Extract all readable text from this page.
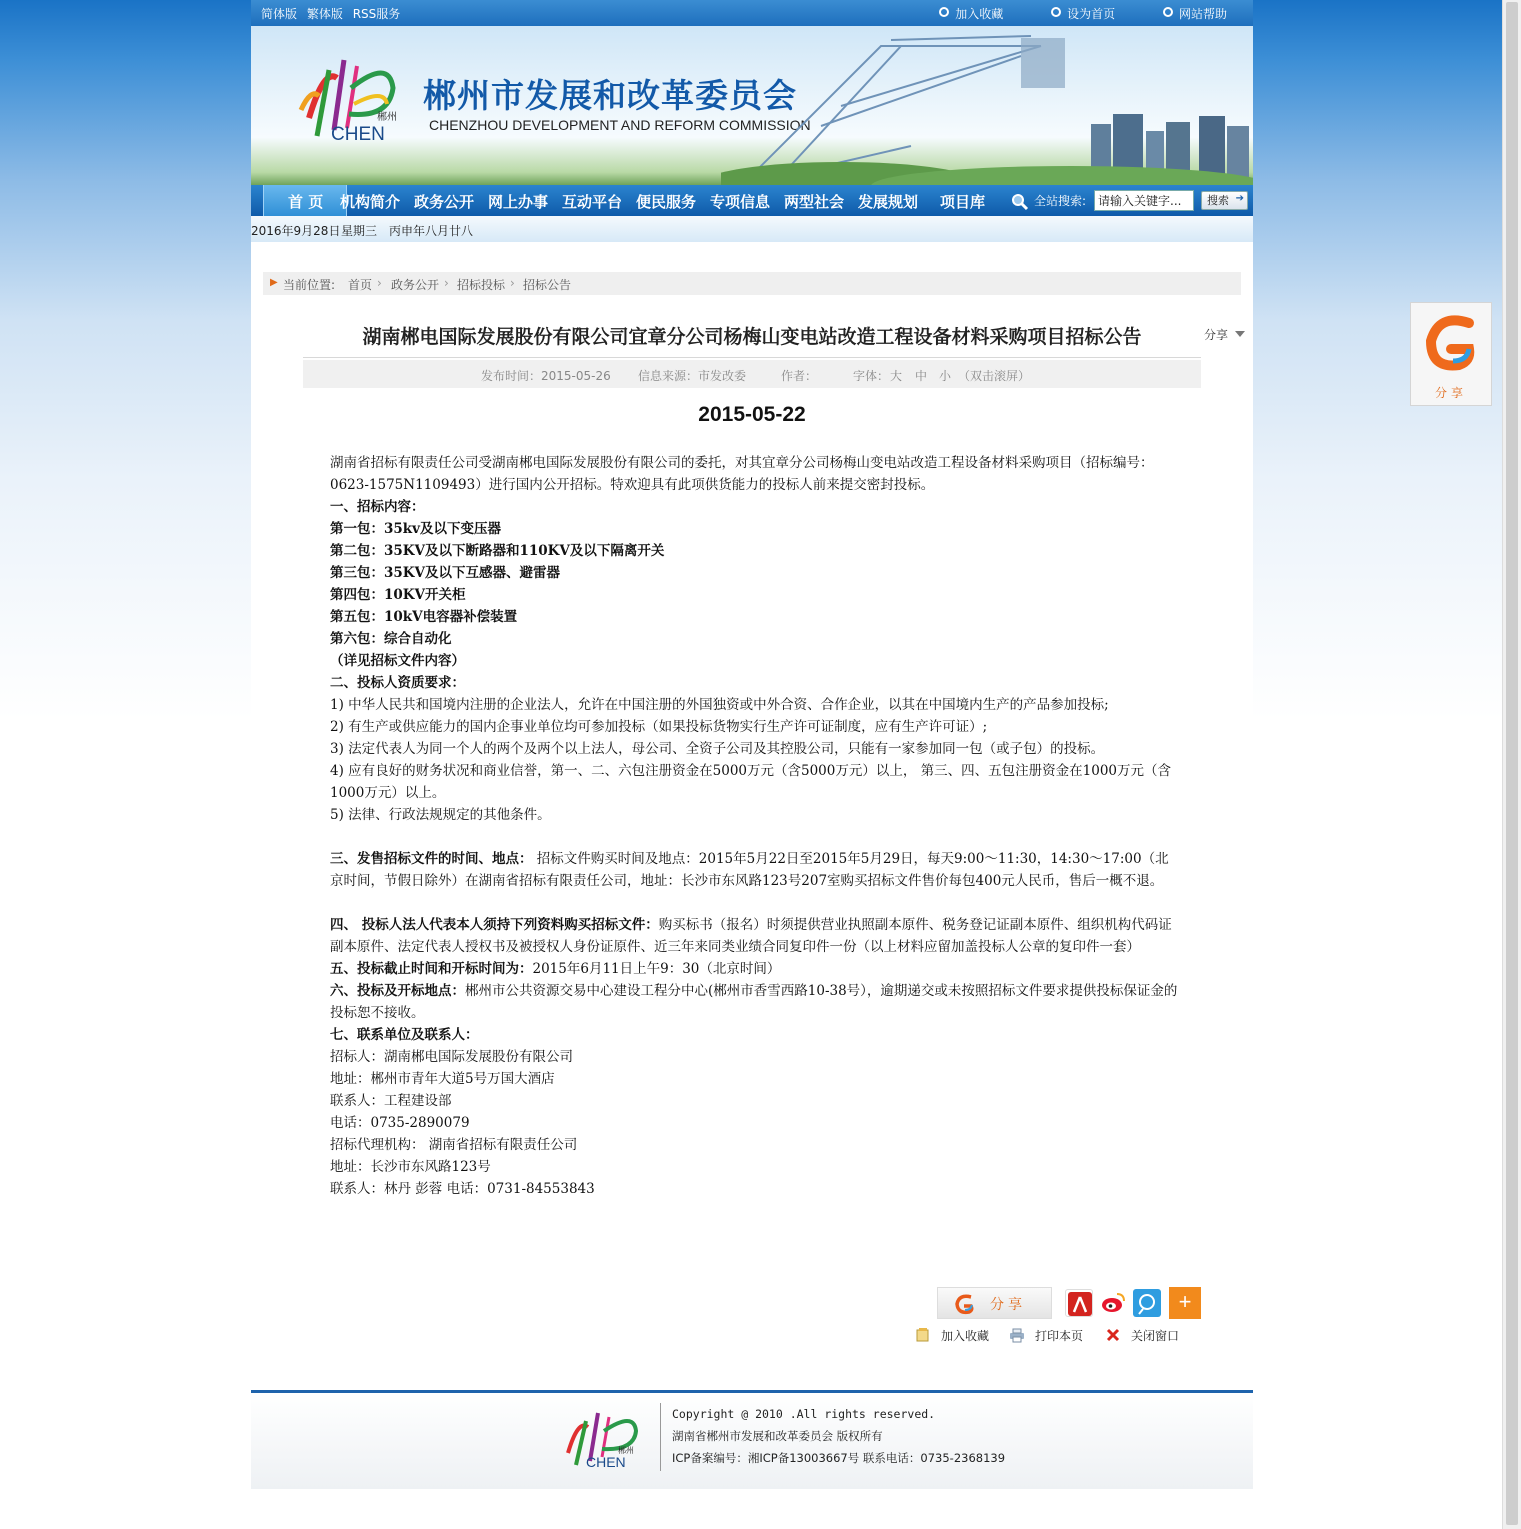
简体版 繁体版 RSS服务	加入收藏	设为首页	网站帮助
郴州
CHEN
郴州市发展和改革委员会
CHENZHOU DEVELOPMENT AND REFORM COMMISSION
首 页 机构简介 政务公开 网上办事 互动平台 便民服务 专项信息 两型社会 发展规划 项目库	全站搜索:
请输入关键字...	搜索 ➔
2016年9月28日 星期三 丙申年八月廿八
▶ 当前位置: 首页 › 政务公开 › 招标投标 › 招标公告
湖南郴电国际发展股份有限公司宜章分公司杨梅山变电站改造工程设备材料采购项目招标公告	分享
发布时间：2015-05-26 信息来源：市发改委	作者：	字体： 大 中 小 （双击滚屏）
2015-05-22

湖南省招标有限责任公司受湖南郴电国际发展股份有限公司的委托，对其宜章分公司杨梅山变电站改造工程设备材料采购项目（招标编号：0623-1575N1109493）进行国内公开招标。特欢迎具有此项供货能力的投标人前来提交密封投标。

一、招标内容：

第一包：35kv及以下变压器

第二包：35KV及以下断路器和110KV及以下隔离开关

第三包：35KV及以下互感器、避雷器

第四包：10KV开关柜

第五包：10kV电容器补偿装置

第六包：综合自动化

（详见招标文件内容）

二、投标人资质要求：

1) 中华人民共和国境内注册的企业法人，允许在中国注册的外国独资或中外合资、合作企业，以其在中国境内生产的产品参加投标;

2) 有生产或供应能力的国内企事业单位均可参加投标（如果投标货物实行生产许可证制度，应有生产许可证）;

3) 法定代表人为同一个人的两个及两个以上法人，母公司、全资子公司及其控股公司，只能有一家参加同一包（或子包）的投标。

4) 应有良好的财务状况和商业信誉，第一、二、六包注册资金在5000万元（含5000万元）以上， 第三、四、五包注册资金在1000万元（含1000万元）以上。

5) 法律、行政法规规定的其他条件。

三、发售招标文件的时间、地点： 招标文件购买时间及地点：2015年5月22日至2015年5月29日，每天9:00～11:30，14:30～17:00（北京时间，节假日除外）在湖南省招标有限责任公司，地址：长沙市东风路123号207室购买招标文件售价每包400元人民币，售后一概不退。

四、 投标人法人代表本人须持下列资料购买招标文件：购买标书（报名）时须提供营业执照副本原件、税务登记证副本原件、组织机构代码证副本原件、法定代表人授权书及被授权人身份证原件、近三年来同类业绩合同复印件一份（以上材料应留加盖投标人公章的复印件一套）

五、投标截止时间和开标时间为：2015年6月11日上午9：30（北京时间）

六、投标及开标地点：郴州市公共资源交易中心建设工程分中心(郴州市香雪西路10-38号），逾期递交或未按照招标文件要求提供投标保证金的投标恕不接收。

七、联系单位及联系人：

招标人：湖南郴电国际发展股份有限公司

地址：郴州市青年大道5号万国大酒店

联系人：工程建设部

电话：0735-2890079

招标代理机构： 湖南省招标有限责任公司

地址：长沙市东风路123号

联系人：林丹 彭蓉 电话：0731-84553843

分享	+
加入收藏	打印本页	关闭窗口
郴州
CHEN
Copyright @ 2010 .All rights reserved.
湖南省郴州市发展和改革委员会 版权所有
ICP备案编号：湘ICP备13003667号 联系电话：0735-2368139
分享
